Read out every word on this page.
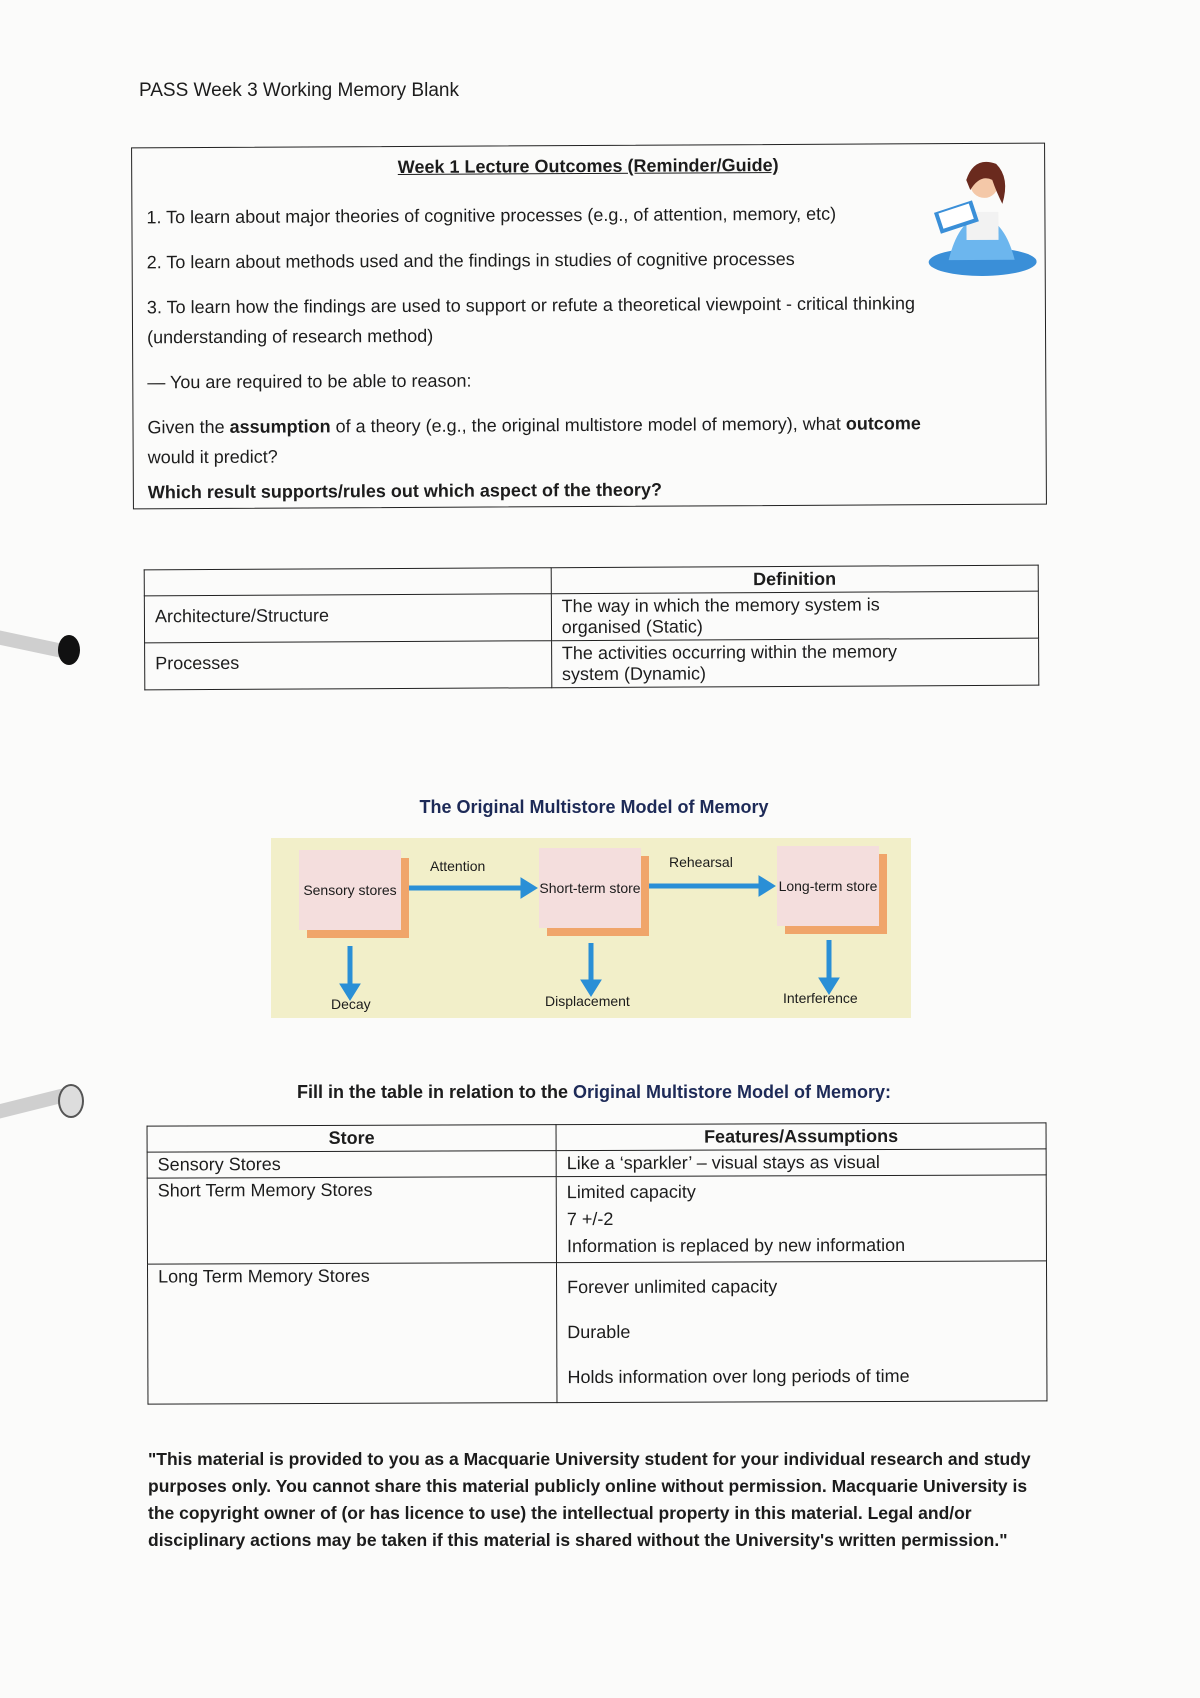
PASS Week 3 Working Memory Blank
Week 1 Lecture Outcomes (Reminder/Guide)
1. To learn about major theories of cognitive processes (e.g., of attention, memory, etc)
2. To learn about methods used and the findings in studies of cognitive processes
3. To learn how the findings are used to support or refute a theoretical viewpoint - critical thinking
(understanding of research method)
— You are required to be able to reason:
Given the assumption of a theory (e.g., the original multistore model of memory), what outcome
would it predict?
Which result supports/rules out which aspect of the theory?
	Definition
Architecture/Structure	The way in which the memory system is
organised (Static)

Processes	The activities occurring within the memory
system (Dynamic)
The Original Multistore Model of Memory
Sensory stores	Short-term store	Long-term store
Attention	Rehearsal
Decay	Displacement	Interference
Fill in the table in relation to the Original Multistore Model of Memory:
Store	Features/Assumptions
Sensory Stores	Like a ‘sparkler’ – visual stays as visual

Short Term Memory Stores	Limited capacity
7 +/-2
Information is replaced by new information

Long Term Memory Stores	Forever unlimited capacity
Durable
Holds information over long periods of time
"This material is provided to you as a Macquarie University student for your individual research and study purposes only. You cannot share this material publicly online without permission. Macquarie University is the copyright owner of (or has licence to use) the intellectual property in this material. Legal and/or disciplinary actions may be taken if this material is shared without the University's written permission."
